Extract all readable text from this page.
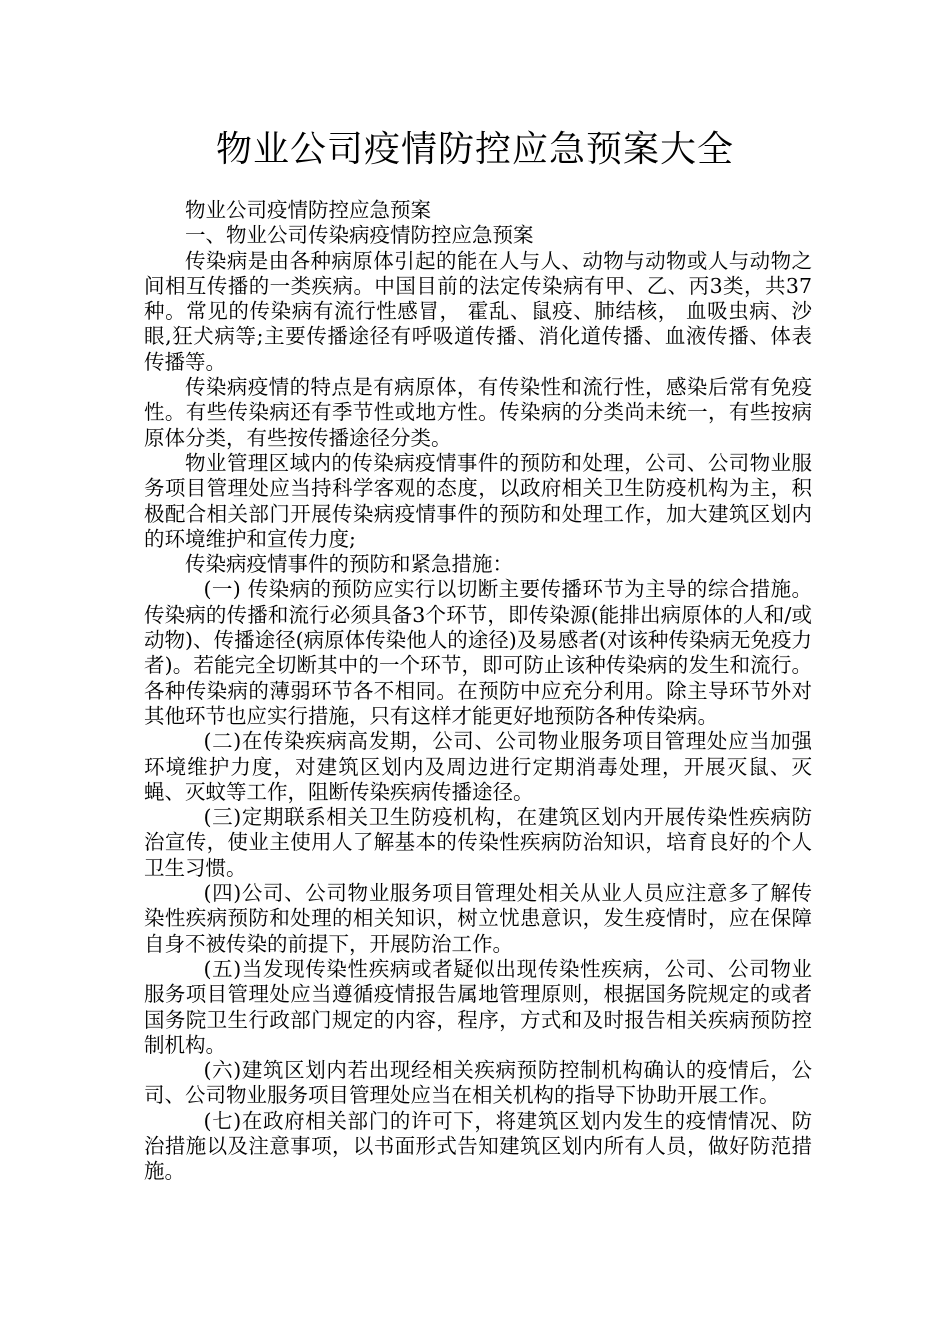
物业公司疫情防控应急预案大全

物业公司疫情防控应急预案

一、物业公司传染病疫情防控应急预案

传染病是由各种病原体引起的能在人与人、动物与动物或人与动物之间相互传播的一类疾病。中国目前的法定传染病有甲、乙、丙3类，共37种。常见的传染病有流行性感冒， 霍乱、鼠疫、肺结核， 血吸虫病、沙眼,狂犬病等;主要传播途径有呼吸道传播、消化道传播、血液传播、体表传播等。

传染病疫情的特点是有病原体，有传染性和流行性，感染后常有免疫性。有些传染病还有季节性或地方性。传染病的分类尚未统一，有些按病原体分类，有些按传播途径分类。

物业管理区域内的传染病疫情事件的预防和处理，公司、公司物业服务项目管理处应当持科学客观的态度，以政府相关卫生防疫机构为主，积极配合相关部门开展传染病疫情事件的预防和处理工作，加大建筑区划内的环境维护和宣传力度;

传染病疫情事件的预防和紧急措施：

(一) 传染病的预防应实行以切断主要传播环节为主导的综合措施。传染病的传播和流行必须具备3个环节，即传染源(能排出病原体的人和/或动物)、传播途径(病原体传染他人的途径)及易感者(对该种传染病无免疫力者)。若能完全切断其中的一个环节，即可防止该种传染病的发生和流行。各种传染病的薄弱环节各不相同。在预防中应充分利用。除主导环节外对其他环节也应实行措施，只有这样才能更好地预防各种传染病。

(二)在传染疾病高发期，公司、公司物业服务项目管理处应当加强环境维护力度，对建筑区划内及周边进行定期消毒处理，开展灭鼠、灭蝇、灭蚊等工作，阻断传染疾病传播途径。

(三)定期联系相关卫生防疫机构，在建筑区划内开展传染性疾病防治宣传，使业主使用人了解基本的传染性疾病防治知识，培育良好的个人卫生习惯。

(四)公司、公司物业服务项目管理处相关从业人员应注意多了解传染性疾病预防和处理的相关知识，树立忧患意识，发生疫情时，应在保障自身不被传染的前提下，开展防治工作。

(五)当发现传染性疾病或者疑似出现传染性疾病，公司、公司物业服务项目管理处应当遵循疫情报告属地管理原则，根据国务院规定的或者国务院卫生行政部门规定的内容，程序，方式和及时报告相关疾病预防控制机构。

(六)建筑区划内若出现经相关疾病预防控制机构确认的疫情后，公司、公司物业服务项目管理处应当在相关机构的指导下协助开展工作。

(七)在政府相关部门的许可下，将建筑区划内发生的疫情情况、防治措施以及注意事项，以书面形式告知建筑区划内所有人员，做好防范措施。
